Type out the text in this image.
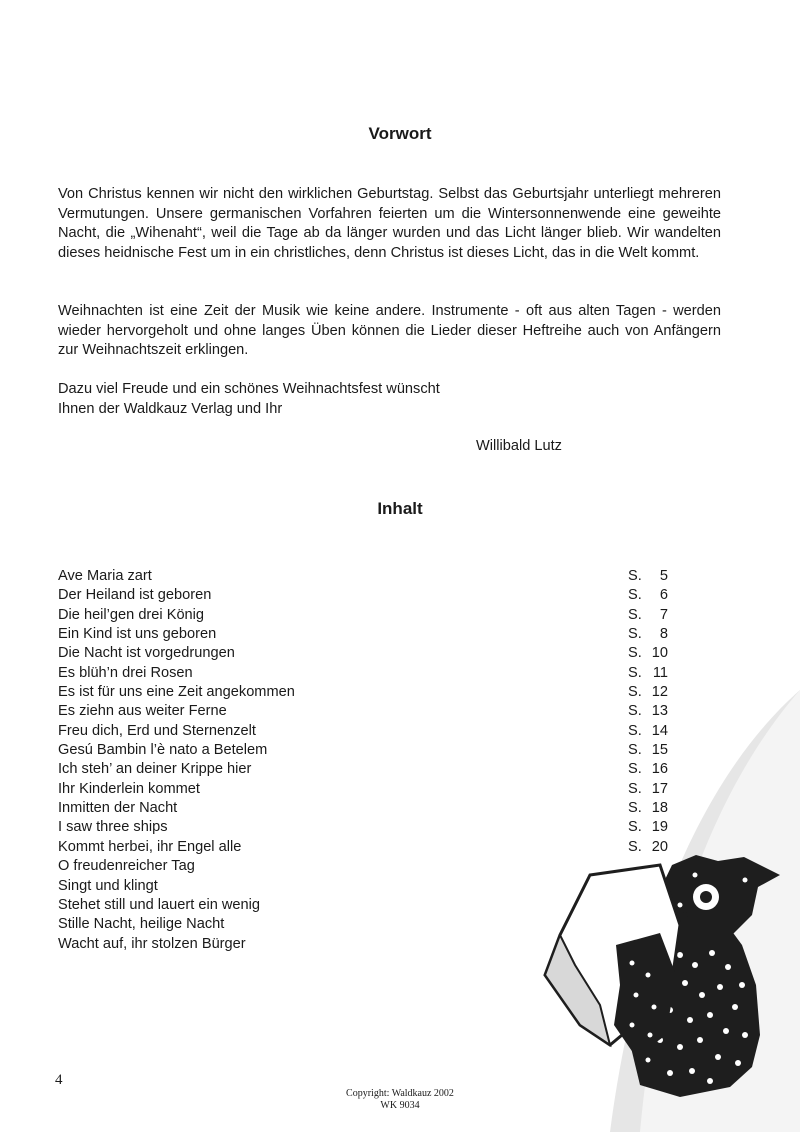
Vorwort

Von Christus kennen wir nicht den wirklichen Geburtstag. Selbst das Geburtsjahr unterliegt mehreren Vermutungen. Unsere germanischen Vorfahren feierten um die Wintersonnenwende eine geweihte Nacht, die „Wihenaht“, weil die Tage ab da länger wurden und das Licht länger blieb. Wir wandelten dieses heidnische Fest um in ein christliches, denn Christus ist dieses Licht, das in die Welt kommt.

Weihnachten ist eine Zeit der Musik wie keine andere. Instrumente - oft aus alten Tagen - werden wieder hervorgeholt und ohne langes Üben können die Lieder dieser Heftreihe auch von Anfängern zur Weihnachtszeit erklingen.

Dazu viel Freude und ein schönes Weihnachtsfest wünscht
Ihnen der Waldkauz Verlag und Ihr

Willibald Lutz
Inhalt
Ave Maria zart	S. 5
Der Heiland ist geboren	S. 6
Die heil’gen drei König	S. 7
Ein Kind ist uns geboren	S. 8
Die Nacht ist vorgedrungen	S. 10
Es blüh’n drei Rosen	S. 11
Es ist für uns eine Zeit angekommen	S. 12
Es ziehn aus weiter Ferne	S. 13
Freu dich, Erd und Sternenzelt	S. 14
Gesú Bambin l’è nato a Betelem	S. 15
Ich steh’ an deiner Krippe hier	S. 16
Ihr Kinderlein kommet	S. 17
Inmitten der Nacht	S. 18
I saw three ships	S. 19
Kommt herbei, ihr Engel alle	S. 20
O freudenreicher Tag
Singt und klingt
Stehet still und lauert ein wenig
Stille Nacht, heilige Nacht
Wacht auf, ihr stolzen Bürger
4
Copyright: Waldkauz 2002
WK 9034
